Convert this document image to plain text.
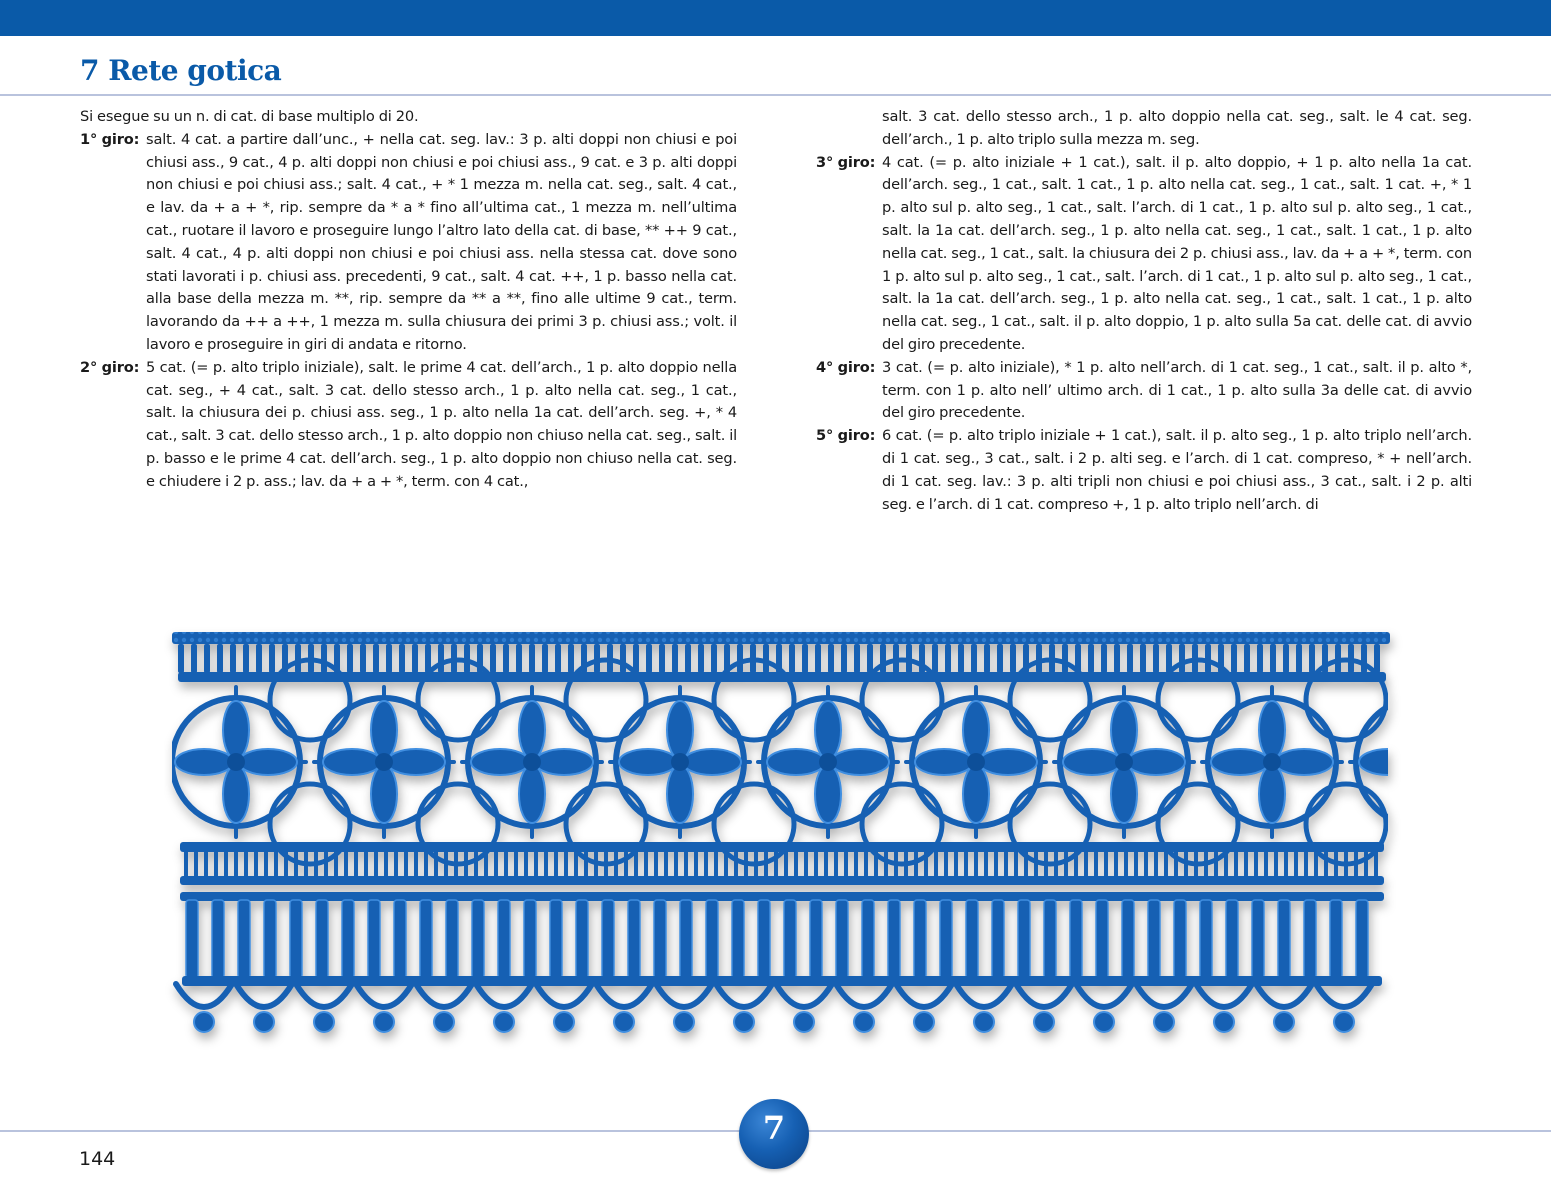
7 Rete gotica

Si esegue su un n. di cat. di base multiplo di 20.

1° giro: salt. 4 cat. a partire dall’unc., + nella cat. seg. lav.: 3 p. alti doppi non chiusi e poi chiusi ass., 9 cat., 4 p. alti doppi non chiusi e poi chiusi ass., 9 cat. e 3 p. alti doppi non chiusi e poi chiusi ass.; salt. 4 cat., + * 1 mezza m. nella cat. seg., salt. 4 cat., e lav. da + a + *, rip. sempre da * a * fino all’ultima cat., 1 mezza m. nell’ultima cat., ruotare il lavoro e proseguire lungo l’altro lato della cat. di base, ** ++ 9 cat., salt. 4 cat., 4 p. alti doppi non chiusi e poi chiusi ass. nella stessa cat. dove sono stati lavorati i p. chiusi ass. precedenti, 9 cat., salt. 4 cat. ++, 1 p. basso nella cat. alla base della mezza m. **, rip. sempre da ** a **, fino alle ultime 9 cat., term. lavorando da ++ a ++, 1 mezza m. sulla chiusura dei primi 3 p. chiusi ass.; volt. il lavoro e proseguire in giri di andata e ritorno.
2° giro: 5 cat. (= p. alto triplo iniziale), salt. le prime 4 cat. dell’arch., 1 p. alto doppio nella cat. seg., + 4 cat., salt. 3 cat. dello stesso arch., 1 p. alto nella cat. seg., 1 cat., salt. la chiusura dei p. chiusi ass. seg., 1 p. alto nella 1a cat. dell’arch. seg. +, * 4 cat., salt. 3 cat. dello stesso arch., 1 p. alto doppio non chiuso nella cat. seg., salt. il p. basso e le prime 4 cat. dell’arch. seg., 1 p. alto doppio non chiuso nella cat. seg. e chiudere i 2 p. ass.; lav. da + a + *, term. con 4 cat.,

salt. 3 cat. dello stesso arch., 1 p. alto doppio nella cat. seg., salt. le 4 cat. seg. dell’arch., 1 p. alto triplo sulla mezza m. seg.

3° giro: 4 cat. (= p. alto iniziale + 1 cat.), salt. il p. alto doppio, + 1 p. alto nella 1a cat. dell’arch. seg., 1 cat., salt. 1 cat., 1 p. alto nella cat. seg., 1 cat., salt. 1 cat. +, * 1 p. alto sul p. alto seg., 1 cat., salt. l’arch. di 1 cat., 1 p. alto sul p. alto seg., 1 cat., salt. la 1a cat. dell’arch. seg., 1 p. alto nella cat. seg., 1 cat., salt. 1 cat., 1 p. alto nella cat. seg., 1 cat., salt. la chiusura dei 2 p. chiusi ass., lav. da + a + *, term. con 1 p. alto sul p. alto seg., 1 cat., salt. l’arch. di 1 cat., 1 p. alto sul p. alto seg., 1 cat., salt. la 1a cat. dell’arch. seg., 1 p. alto nella cat. seg., 1 cat., salt. 1 cat., 1 p. alto nella cat. seg., 1 cat., salt. il p. alto doppio, 1 p. alto sulla 5a cat. delle cat. di avvio del giro precedente.
4° giro: 3 cat. (= p. alto iniziale), * 1 p. alto nell’arch. di 1 cat. seg., 1 cat., salt. il p. alto *, term. con 1 p. alto nell’ ultimo arch. di 1 cat., 1 p. alto sulla 3a delle cat. di avvio del giro precedente.
5° giro: 6 cat. (= p. alto triplo iniziale + 1 cat.), salt. il p. alto seg., 1 p. alto triplo nell’arch. di 1 cat. seg., 3 cat., salt. i 2 p. alti seg. e l’arch. di 1 cat. compreso, * + nell’arch. di 1 cat. seg. lav.: 3 p. alti tripli non chiusi e poi chiusi ass., 3 cat., salt. i 2 p. alti seg. e l’arch. di 1 cat. compreso +, 1 p. alto triplo nell’arch. di
7
144
